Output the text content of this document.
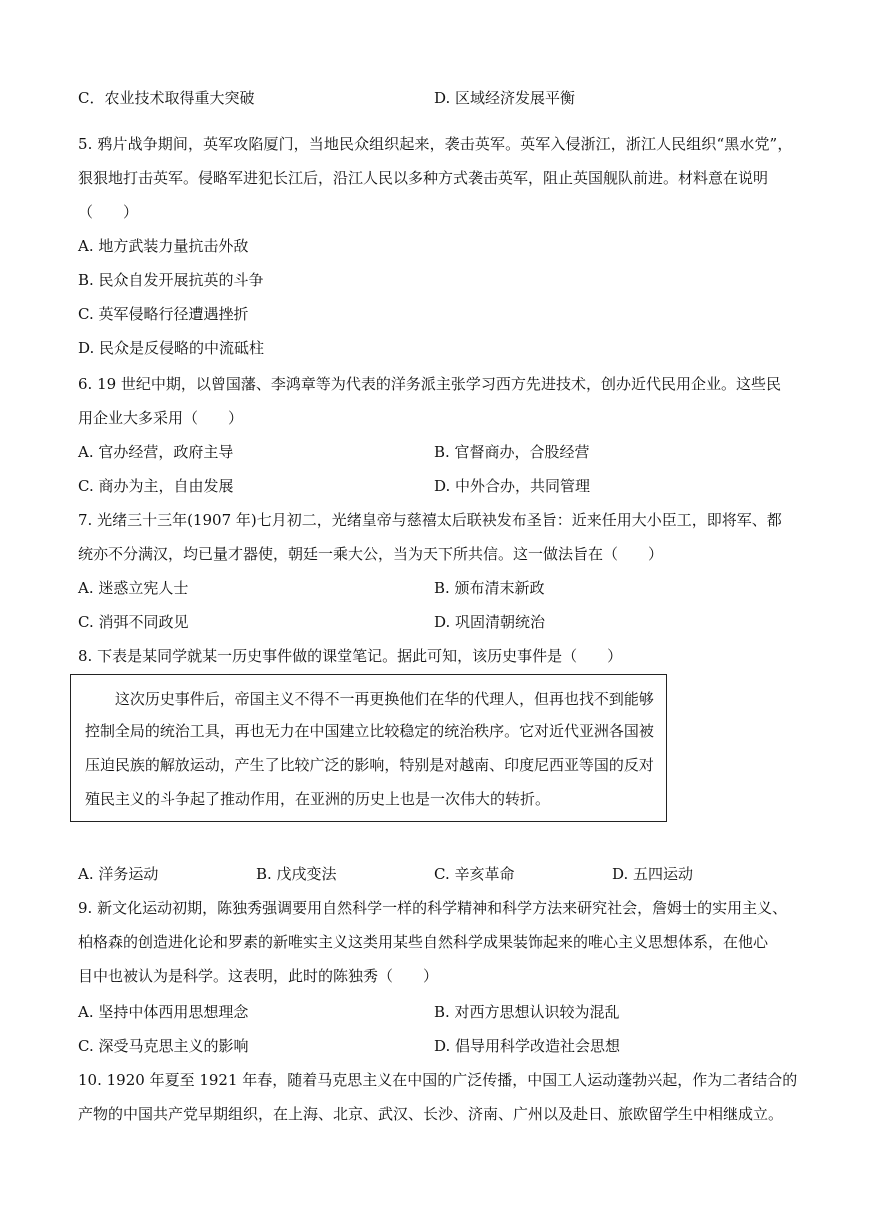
C．农业技术取得重大突破	D. 区域经济发展平衡
5. 鸦片战争期间，英军攻陷厦门，当地民众组织起来，袭击英军。英军入侵浙江，浙江人民组织“黑水党”，
狠狠地打击英军。侵略军进犯长江后，沿江人民以多种方式袭击英军，阻止英国舰队前进。材料意在说明
（　　）
A. 地方武装力量抗击外敌
B. 民众自发开展抗英的斗争
C. 英军侵略行径遭遇挫折
D. 民众是反侵略的中流砥柱
6. 19 世纪中期，以曾国藩、李鸿章等为代表的洋务派主张学习西方先进技术，创办近代民用企业。这些民
用企业大多采用（　　）
A. 官办经营，政府主导	B. 官督商办，合股经营
C. 商办为主，自由发展	D. 中外合办，共同管理
7. 光绪三十三年(1907 年)七月初二，光绪皇帝与慈禧太后联袂发布圣旨：近来任用大小臣工，即将军、都
统亦不分满汉，均已量才器使，朝廷一乘大公，当为天下所共信。这一做法旨在（　　）
A. 迷惑立宪人士	B. 颁布清末新政
C. 消弭不同政见	D. 巩固清朝统治
8. 下表是某同学就某一历史事件做的课堂笔记。据此可知，该历史事件是（　　）
　　这次历史事件后，帝国主义不得不一再更换他们在华的代理人，但再也找不到能够
控制全局的统治工具，再也无力在中国建立比较稳定的统治秩序。它对近代亚洲各国被
压迫民族的解放运动，产生了比较广泛的影响，特别是对越南、印度尼西亚等国的反对
殖民主义的斗争起了推动作用，在亚洲的历史上也是一次伟大的转折。
A. 洋务运动	B. 戊戌变法	C. 辛亥革命	D. 五四运动
9. 新文化运动初期，陈独秀强调要用自然科学一样的科学精神和科学方法来研究社会，詹姆士的实用主义、
柏格森的创造进化论和罗素的新唯实主义这类用某些自然科学成果装饰起来的唯心主义思想体系，在他心
目中也被认为是科学。这表明，此时的陈独秀（　　）
A. 坚持中体西用思想理念	B. 对西方思想认识较为混乱
C. 深受马克思主义的影响	D. 倡导用科学改造社会思想
10. 1920 年夏至 1921 年春，随着马克思主义在中国的广泛传播，中国工人运动蓬勃兴起，作为二者结合的
产物的中国共产党早期组织，在上海、北京、武汉、长沙、济南、广州以及赴日、旅欧留学生中相继成立。
